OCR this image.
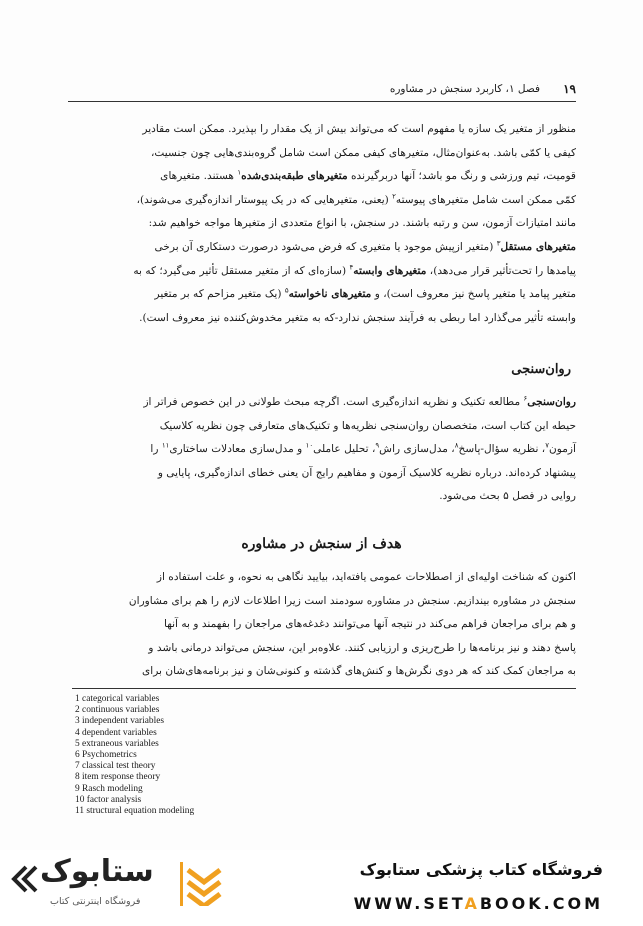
۱۹
فصل ۱، کاربرد سنجش در مشاوره
منظور از متغیر یک سازه یا مفهوم است که می‌تواند بیش از یک مقدار را بپذیرد. ممکن است مقادیر
کیفی یا کمّی باشد. به‌عنوان‌مثال، متغیرهای کیفی ممکن است شامل گروه‌بندی‌هایی چون جنسیت،
قومیت، تیم ورزشی و رنگ مو باشد؛ آنها دربرگیرنده متغیرهای طبقه‌بندی‌شده$^۱$ هستند. متغیرهای
کمّی ممکن است شامل متغیرهای پیوسته$^۲$ (یعنی، متغیرهایی که در یک پیوستار اندازه‌گیری می‌شوند)،
مانند امتیازات آزمون، سن و رتبه باشند. در سنجش، با انواع متعددی از متغیرها مواجه خواهیم شد:
متغیرهای مستقل$^۳$ (متغیر ازپیش موجود یا متغیری که فرض می‌شود درصورت دستکاری آن برخی
پیامدها را تحت‌تأثیر قرار می‌دهد)، متغیرهای وابسته$^۴$ (سازه‌ای که از متغیر مستقل تأثیر می‌گیرد؛ که به
متغیر پیامد یا متغیر پاسخ نیز معروف است)، و متغیرهای ناخواسته$^۵$ (یک متغیر مزاحم که بر متغیر
وابسته تأثیر می‌گذارد اما ربطی به فرآیند سنجش ندارد-که به متغیر مخدوش‌کننده نیز معروف است).
روان‌سنجی
روان‌سنجی$^۶$ مطالعه تکنیک و نظریه اندازه‌گیری است. اگرچه مبحث طولانی در این خصوص فراتر از
حیطه این کتاب است، متخصصان روان‌سنجی نظریه‌ها و تکنیک‌های متعارفی چون نظریه کلاسیک
آزمون$^۷$، نظریه سؤال-پاسخ$^۸$، مدل‌سازی راش$^۹$، تحلیل عاملی$^{۱۰}$ و مدل‌سازی معادلات ساختاری$^{۱۱}$ را
پیشنهاد کرده‌اند. درباره نظریه کلاسیک آزمون و مفاهیم رایج آن یعنی خطای اندازه‌گیری، پایایی و
روایی در فصل ۵ بحث می‌شود.
هدف از سنجش در مشاوره
اکنون که شناخت اولیه‌ای از اصطلاحات عمومی یافته‌اید، بیایید نگاهی به نحوه، و علت استفاده از
سنجش در مشاوره بیندازیم. سنجش در مشاوره سودمند است زیرا اطلاعات لازم را هم برای مشاوران
و هم برای مراجعان فراهم می‌کند در نتیجه آنها می‌توانند دغدغه‌های مراجعان را بفهمند و به آنها
پاسخ دهند و نیز برنامه‌ها را طرح‌ریزی و ارزیابی کنند. علاوه‌بر این، سنجش می‌تواند درمانی باشد و
به مراجعان کمک کند که هر دوی نگرش‌ها و کنش‌های گذشته و کنونی‌شان و نیز برنامه‌های‌شان برای
1 categorical variables
2 continuous variables
3 independent variables
4 dependent variables
5 extraneous variables
6 Psychometrics
7 classical test theory
8 item response theory
9 Rasch modeling
10 factor analysis
11 structural equation modeling
ستابوک
فروشگاه اینترنتی کتاب
فروشگاه کتاب پزشکی ستابوک
WWW.SETABOOK.COM
